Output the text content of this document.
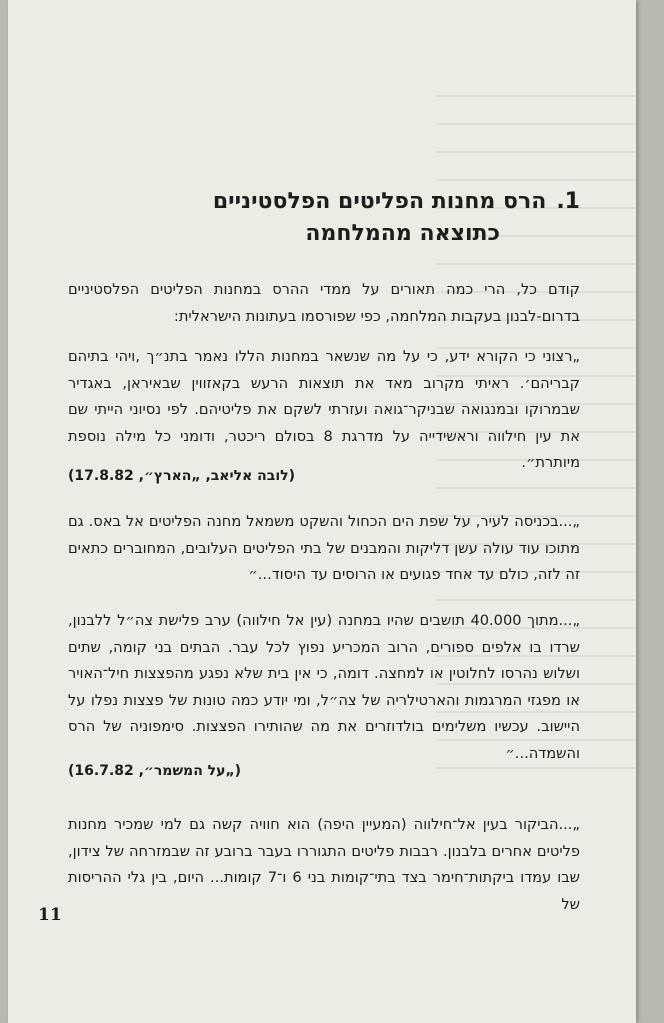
.1הרס מחנות הפליטים הפלסטיניים
כתוצאה מהמלחמה

קודם כל, הרי כמה תאורים על ממדי ההרס במחנות הפליטים הפלסטיניים בדרום-לבנון בעקבות המלחמה, כפי שפורסמו בעתונות הישראלית:

„רצוני כי הקורא ידע, כי על מה שנשאר במחנות הללו נאמר בתנ״ך ‚ויהי בתיהם קבריהם׳. ראיתי מקרוב מאד את תוצאות הרעש בקאזווין שבאיראן, באגדיר שבמרוקו ובמנגואה שבניקר־גואה ועזרתי לשקם את פליטיהם. לפי נסיוני הייתי שם את עין חילווה וראשידייה על מדרגת 8 בסולם ריכטר, ודומני כל מילה נוספת מיותרת״.

(לובה אליאב, „הארץ״, 17.8.82)

„...בכניסה לעיר, על שפת הים הכחול והשקט משמאל מחנה הפליטים אל באס. גם מתוכו עוד עולה עשן דליקות והמבנים של בתי הפליטים העלובים, המחוברים כתאים זה לזה, כולם עד אחד פגועים או הרוסים עד היסוד...״

„...מתוך 40.000 תושבים שהיו במחנה (עין אל חילווה) ערב פלישת צה״ל ללבנון, שרדו בו אלפים ספורים, הרוב המכריע נפוץ לכל עבר. הבתים בני קומה, שתים ושלוש נהרסו לחלוטין או למחצה. דומה, כי אין בית שלא נפגע מהפצצות חיל־האויר או מפגזי המרגמות והארטילריה של צה״ל, ומי יודע כמה טונות של פצצות נפלו על היישוב. עכשיו משלימים בולדוזרים את מה שהותירו הפצצות. סימפוניה של הרס והשמדה...״

(„על המשמר״, 16.7.82)

„...הביקור בעין אל־חילווה (המעיין היפה) הוא חוויה קשה גם למי שמכיר מחנות פליטים אחרים בלבנון. רבבות פליטים התגוררו בעבר ברובע זה שבמזרחה של צידון, שבו עמדו ביקתות־חימר בצד בתי־קומות בני 6 ו־7 קומות... היום, בין גלי ההריסות של

11
